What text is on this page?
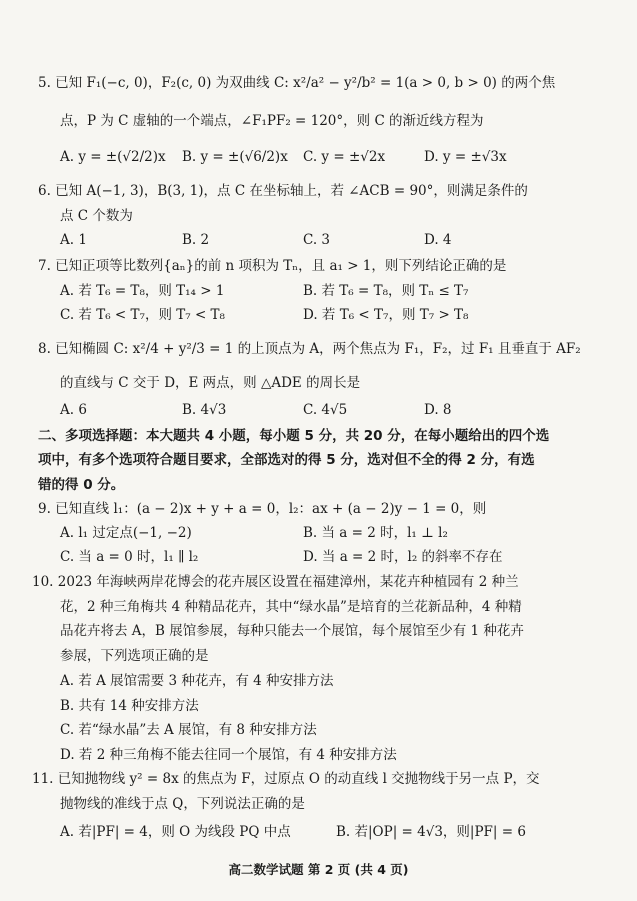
5. 已知 F₁(−c, 0)，F₂(c, 0) 为双曲线 C: x²/a² − y²/b² = 1(a > 0, b > 0) 的两个焦
点，P 为 C 虚轴的一个端点，∠F₁PF₂ = 120°，则 C 的渐近线方程为
A. y = ±(√2/2)x B. y = ±(√6/2)x C. y = ±√2x	D. y = ±√3x
6. 已知 A(−1, 3)，B(3, 1)，点 C 在坐标轴上，若 ∠ACB = 90°，则满足条件的
点 C 个数为
A. 1	B. 2	C. 3	D. 4
7. 已知正项等比数列{aₙ}的前 n 项积为 Tₙ，且 a₁ > 1，则下列结论正确的是
A. 若 T₆ = T₈，则 T₁₄ > 1	B. 若 T₆ = T₈，则 Tₙ ≤ T₇
C. 若 T₆ < T₇，则 T₇ < T₈	D. 若 T₆ < T₇，则 T₇ > T₈
8. 已知椭圆 C: x²/4 + y²/3 = 1 的上顶点为 A，两个焦点为 F₁，F₂，过 F₁ 且垂直于 AF₂
的直线与 C 交于 D，E 两点，则 △ADE 的周长是
A. 6	B. 4√3	C. 4√5	D. 8
二、多项选择题：本大题共 4 小题，每小题 5 分，共 20 分，在每小题给出的四个选
项中，有多个选项符合题目要求，全部选对的得 5 分，选对但不全的得 2 分，有选
错的得 0 分。
9. 已知直线 l₁：(a − 2)x + y + a = 0，l₂：ax + (a − 2)y − 1 = 0，则
A. l₁ 过定点(−1, −2)	B. 当 a = 2 时，l₁ ⊥ l₂
C. 当 a = 0 时，l₁ ∥ l₂	D. 当 a = 2 时，l₂ 的斜率不存在
10. 2023 年海峡两岸花博会的花卉展区设置在福建漳州，某花卉种植园有 2 种兰
花，2 种三角梅共 4 种精品花卉，其中“绿水晶”是培育的兰花新品种，4 种精
品花卉将去 A，B 展馆参展，每种只能去一个展馆，每个展馆至少有 1 种花卉
参展，下列选项正确的是
A. 若 A 展馆需要 3 种花卉，有 4 种安排方法
B. 共有 14 种安排方法
C. 若“绿水晶”去 A 展馆，有 8 种安排方法
D. 若 2 种三角梅不能去往同一个展馆，有 4 种安排方法
11. 已知抛物线 y² = 8x 的焦点为 F，过原点 O 的动直线 l 交抛物线于另一点 P，交
抛物线的准线于点 Q，下列说法正确的是
A. 若|PF| = 4，则 O 为线段 PQ 中点	B. 若|OP| = 4√3，则|PF| = 6
高二数学试题 第 2 页 (共 4 页)
